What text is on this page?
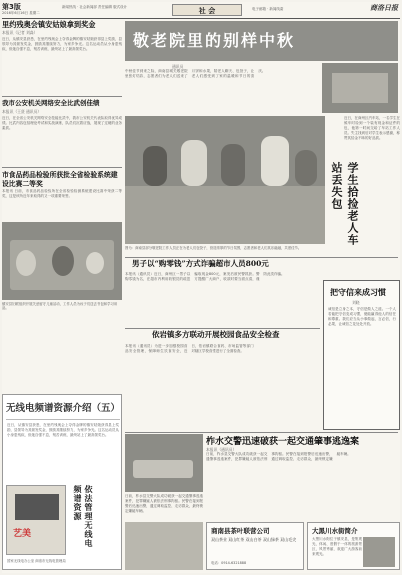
第3版
2016年6月16日 星期二
新闻热线 · 社会新闻部 责任编辑 版式设计	社 会	电子邮箱 · 新闻线索	商洛日报
里约残奥会镇安姑娘拿到奖金
本报讯（记者 刘淼）
近日，从镇安县获悉，在里约残奥会上夺得金牌的镇安姑娘获得县上奖励，县领导为其颁发奖金，鼓励其继续努力，为家乡争光。这名运动员从小身患残疾，但她自强不息，刻苦训练，最终站上了最高领奖台。
我市公安机关网络安全比武创佳绩
本报讯（王贤 通讯员）
近日，在全省公安机关网络安全技能比武中，我市公安机关代表队取得优异成绩。比武内容包括理论考试和实战演练，队员们沉着应战，展现了过硬的业务素质。
市食品药品检验所获批全省检验系统建设比赛二等奖
本报讯 日前，市食品药品检验所在全省检验检测系统建设比赛中荣获二等奖，这是该所近年来取得的又一项重要荣誉。
镇安县妇联组织开展关爱留守儿童活动，工作人员为孩子们送去书包和学习用品。
无线电频谱资源介绍（五）
近日，从镇安县获悉，在里约残奥会上夺得金牌的镇安姑娘获得县上奖励，县领导为其颁发奖金，鼓励其继续努力，为家乡争光。这名运动员从小身患残疾，但她自强不息，刻苦训练，最终站上了最高领奖台。
艺美	依法管理无线电频谱资源
国家无线电办公室 商洛市无线电管理局
敬老院里的别样中秋
通讯员
中秋佳节到来之际，商南县城关敬老院里张灯结彩，志愿者们为老人们送来了月饼和水果，陪老人聊天、包饺子，让老人们感受到了家的温暖和节日的喜庆。
图为：商南县部分敬老院工作人员正在为老人们包饺子，营造浓厚的节日氛围，志愿者和老人们其乐融融，共度佳节。
学生拾捡老人车站丢失包
近日，在商州区汽车站，一名学生在候车时捡到一个装有现金和证件的包，他第一时间交给了车站工作人员。失主找到后对学生表示感谢，称赞其拾金不昧的好品质。
男子以“购零钱”方式诈骗超市人员800元
本报讯（通讯员）近日，商州区一男子以购零钱为名，在超市内利用收银员的疏忽骗取现金800元，案发后被民警抓获。警方提醒广大商户，收款时要当面点清，谨防此类诈骗。
依岩镇多方联动开展校园食品安全检查
本报讯（通讯员）为进一步加强校园食品安全管理，保障师生饮食安全，近日，依岩镇联合食药、市场监管等部门对辖区学校食堂进行了全面检查。
把守信来成习惯
刘晓
诚信是立身之本，守信是做人之道。一个人若能把守信变成习惯，便能赢得他人的信任和尊重。我们应当从小事做起，言必信，行必果，让诚信之花处处开放。
柞水交警迅速破获一起交通肇事逃逸案
本报讯（通讯员）
日前，柞水县交警大队成功破获一起交通肇事逃逸案件，犯罪嫌疑人被依法刑事拘留。民警在接到报警后迅速出警，通过调取监控、走访群众，最终锁定嫌疑车辆。
日前，柞水县交警大队成功破获一起交通肇事逃逸案件，犯罪嫌疑人被依法刑事拘留。民警在接到报警后迅速出警，通过调取监控、走访群众，最终锁定嫌疑车辆。
商南县茶叶联营公司
双山茶业 双山红茶 双山白茶 双山绿茶 双山毛尖
电话：0914-6321888
大黑川水街简介
大黑川水街位于镇安县，是集观光、休闲、度假于一体的旅游景区，风景秀丽，欢迎广大游客前来观光。
